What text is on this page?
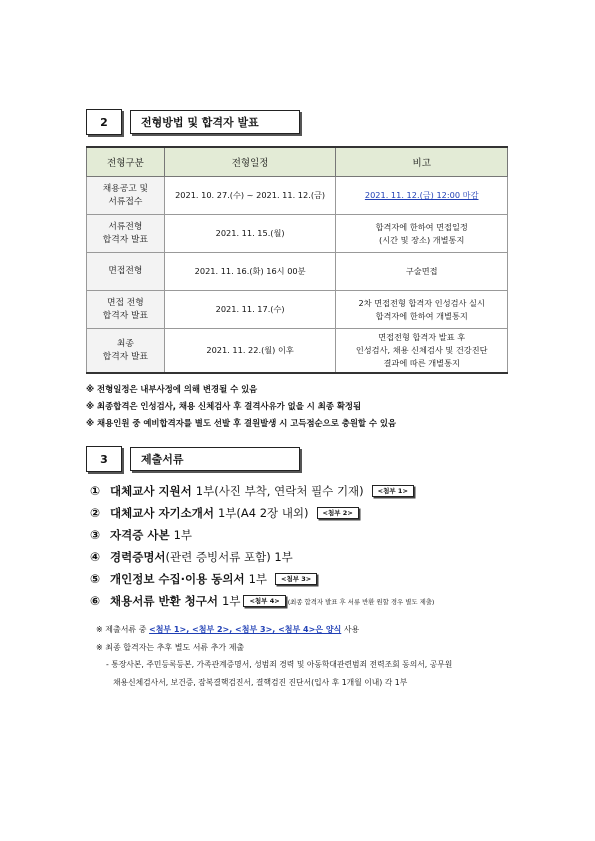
2	전형방법 및 합격자 발표
전형구분	전형일정	비고
채용공고 및
서류접수	2021. 10. 27.(수) ~ 2021. 11. 12.(금)	2021. 11. 12.(금) 12:00 마감
서류전형
합격자 발표	2021. 11. 15.(월)	합격자에 한하여 면접일정
(시간 및 장소) 개별통지
면접전형	2021. 11. 16.(화) 16시 00분	구술면접
면접 전형
합격자 발표	2021. 11. 17.(수)	2차 면접전형 합격자 인성검사 실시
합격자에 한하여 개별통지
최종
합격자 발표	2021. 11. 22.(월) 이후	면접전형 합격자 발표 후
인성검사, 채용 신체검사 및 건강진단
결과에 따른 개별통지
※ 전형일정은 내부사정에 의해 변경될 수 있음
※ 최종합격은 인성검사, 채용 신체검사 후 결격사유가 없을 시 최종 확정됨
※ 채용인원 중 예비합격자를 별도 선발 후 결원발생 시 고득점순으로 충원할 수 있음
3	제출서류
① 대체교사 지원서 1부(사진 부착, 연락처 필수 기재)	<첨부 1>
② 대체교사 자기소개서 1부(A4 2장 내외)	<첨부 2>
③ 자격증 사본 1부
④ 경력증명서 (관련 증빙서류 포함) 1부
⑤ 개인정보 수집·이용 동의서 1부	<첨부 3>
⑥ 채용서류 반환 청구서 1부	<첨부 4>	(최종 합격자 발표 후 서류 반환 원할 경우 별도 제출)
※ 제출서류 중 <첨부 1>, <첨부 2>, <첨부 3>, <첨부 4>은 양식 사용
※ 최종 합격자는 추후 별도 서류 추가 제출
- 통장사본, 주민등록등본, 가족관계증명서, 성범죄 경력 및 아동학대관련범죄 전력조회 동의서, 공무원
채용신체검사서, 보건증, 잠복결핵검진서, 결핵검진 진단서(입사 후 1개월 이내) 각 1부
